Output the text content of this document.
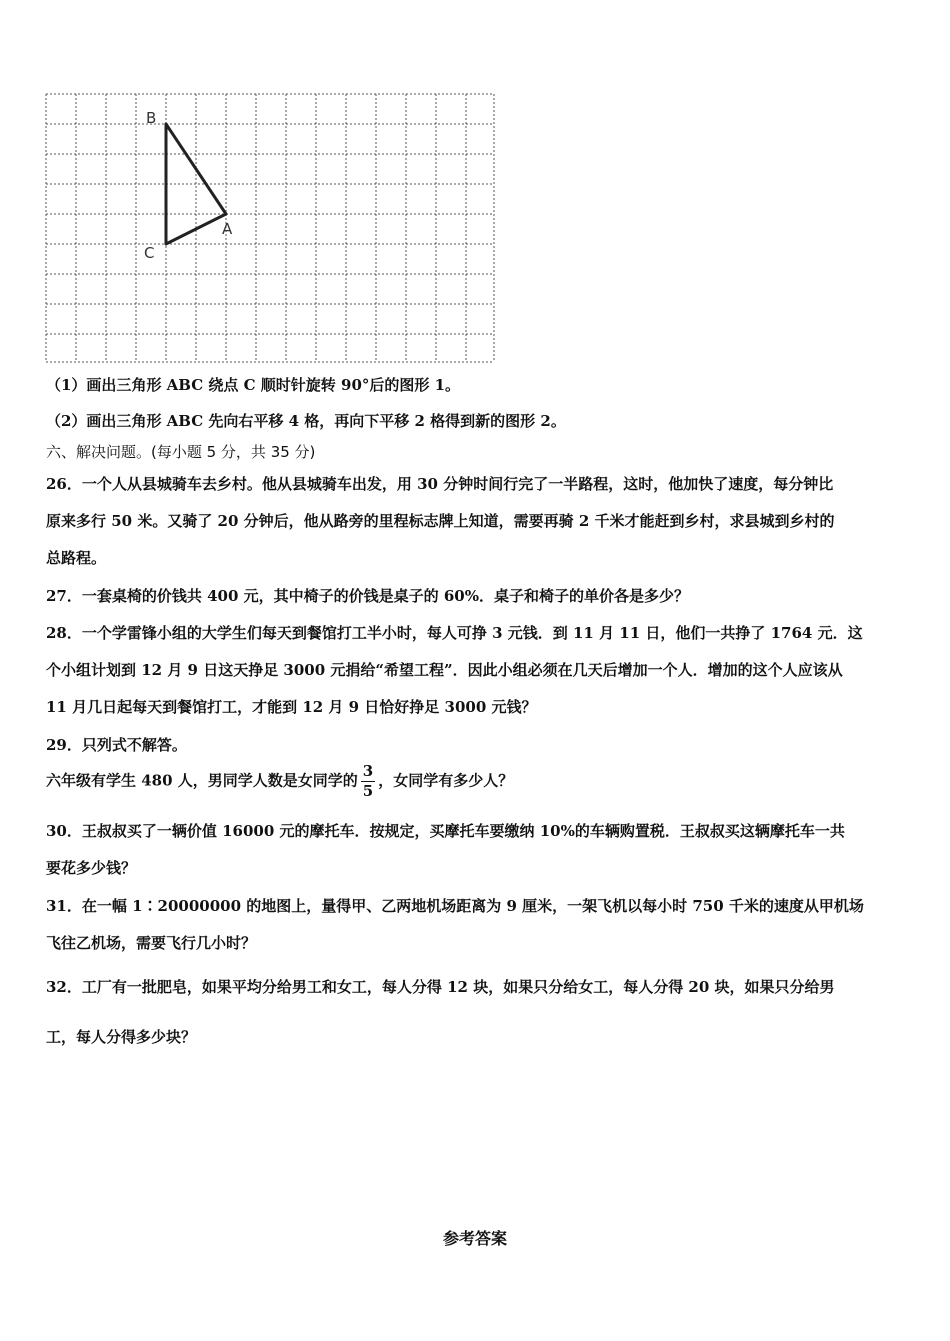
B
A
C
（1）画出三角形 ABC 绕点 C 顺时针旋转 90°后的图形 1。
（2）画出三角形 ABC 先向右平移 4 格，再向下平移 2 格得到新的图形 2。
六、解决问题。(每小题 5 分，共 35 分)
26．一个人从县城骑车去乡村。他从县城骑车出发，用 30 分钟时间行完了一半路程，这时，他加快了速度，每分钟比
原来多行 50 米。又骑了 20 分钟后，他从路旁的里程标志牌上知道，需要再骑 2 千米才能赶到乡村，求县城到乡村的
总路程。
27．一套桌椅的价钱共 400 元，其中椅子的价钱是桌子的 60%．桌子和椅子的单价各是多少？
28．一个学雷锋小组的大学生们每天到餐馆打工半小时，每人可挣 3 元钱．到 11 月 11 日，他们一共挣了 1764 元．这
个小组计划到 12 月 9 日这天挣足 3000 元捐给“希望工程”．因此小组必须在几天后增加一个人．增加的这个人应该从
11 月几日起每天到餐馆打工，才能到 12 月 9 日恰好挣足 3000 元钱？
29．只列式不解答。
六年级有学生 480 人，男同学人数是女同学的 $\frac{3}{5}$ ，女同学有多少人？
30．王叔叔买了一辆价值 16000 元的摩托车．按规定，买摩托车要缴纳 10%的车辆购置税．王叔叔买这辆摩托车一共
要花多少钱？
31．在一幅 1∶20000000 的地图上，量得甲、乙两地机场距离为 9 厘米，一架飞机以每小时 750 千米的速度从甲机场
飞往乙机场，需要飞行几小时？
32．工厂有一批肥皂，如果平均分给男工和女工，每人分得 12 块，如果只分给女工，每人分得 20 块，如果只分给男
工，每人分得多少块？
参考答案
